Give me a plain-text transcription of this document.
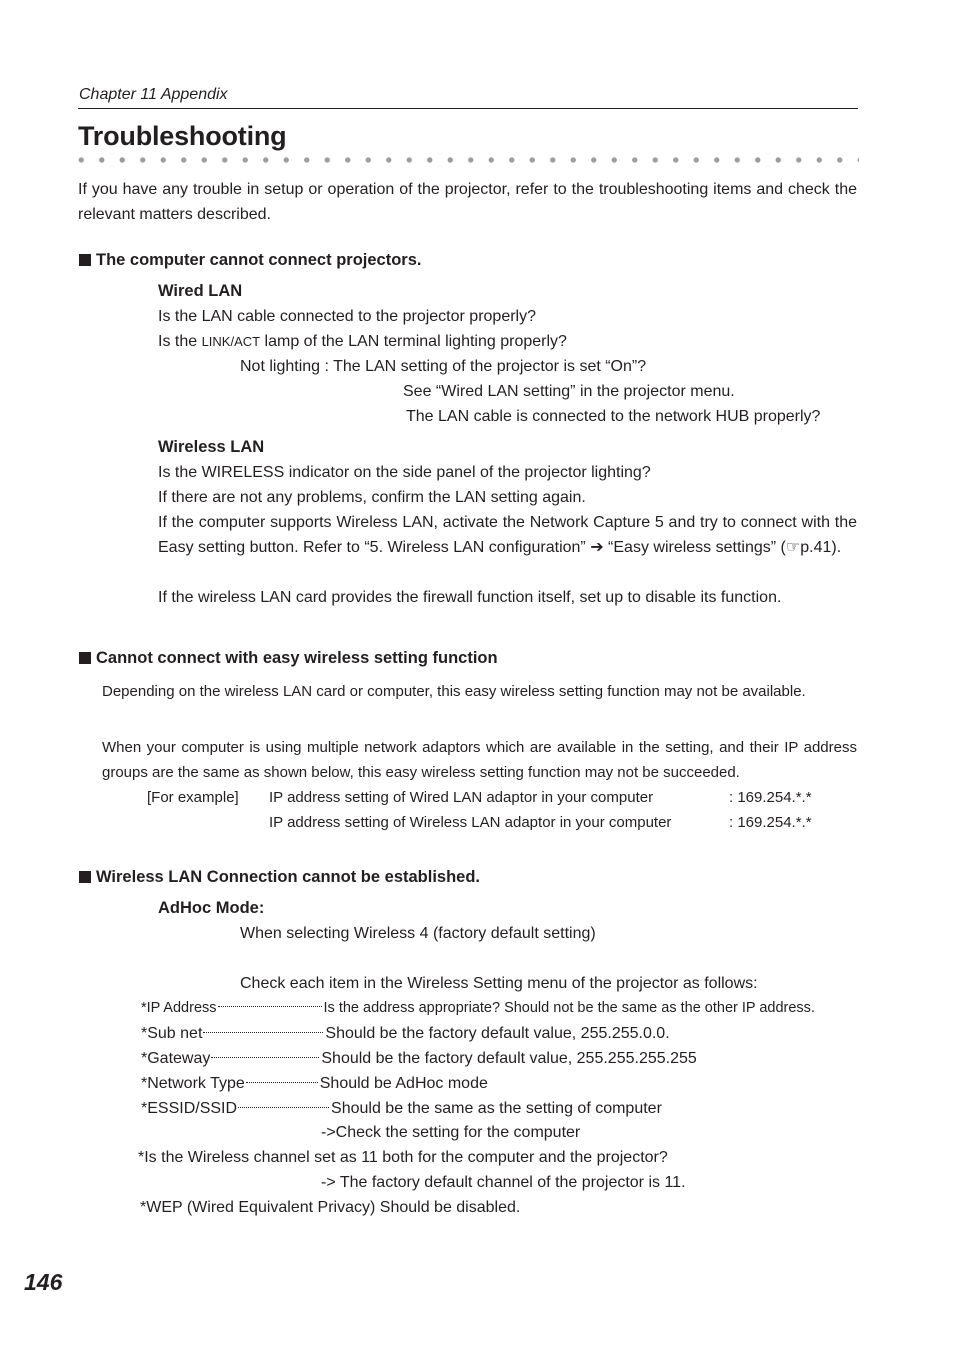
Chapter 11 Appendix
Troubleshooting
If you have any trouble in setup or operation of the projector, refer to the troubleshooting items and check the relevant matters described.
The computer cannot connect projectors.
Wired LAN
Is the LAN cable connected to the projector properly?
Is the LINK/ACT lamp of the LAN terminal lighting properly?
Not lighting : The LAN setting of the projector is set “On”?
See “Wired LAN setting” in the projector menu.
The LAN cable is connected to the network HUB properly?
Wireless LAN
Is the WIRELESS indicator on the side panel of the projector lighting?
If there are not any problems, confirm the LAN setting again.
If the computer supports Wireless LAN, activate the Network Capture 5 and try to connect with the Easy setting button. Refer to “5. Wireless LAN configuration” ➔ “Easy wireless settings” (☞p.41).
If the wireless LAN card provides the firewall function itself, set up to disable its function.
Cannot connect with easy wireless setting function
Depending on the wireless LAN card or computer, this easy wireless setting function may not be available.
When your computer is using multiple network adaptors which are available in the setting, and their IP address groups are the same as shown below, this easy wireless setting function may not be succeeded.
[For example] IP address setting of Wired LAN adaptor in your computer	: 169.254.*.*
IP address setting of Wireless LAN adaptor in your computer	: 169.254.*.*
Wireless LAN Connection cannot be established.
AdHoc Mode:
When selecting Wireless 4 (factory default setting)
Check each item in the Wireless Setting menu of the projector as follows:
*IP Address	Is the address appropriate? Should not be the same as the other IP address.
*Sub net	Should be the factory default value, 255.255.0.0.
*Gateway	Should be the factory default value, 255.255.255.255
*Network Type	Should be AdHoc mode
*ESSID/SSID	Should be the same as the setting of computer
->Check the setting for the computer
*Is the Wireless channel set as 11 both for the computer and the projector?
-> The factory default channel of the projector is 11.
*WEP (Wired Equivalent Privacy) Should be disabled.
146
